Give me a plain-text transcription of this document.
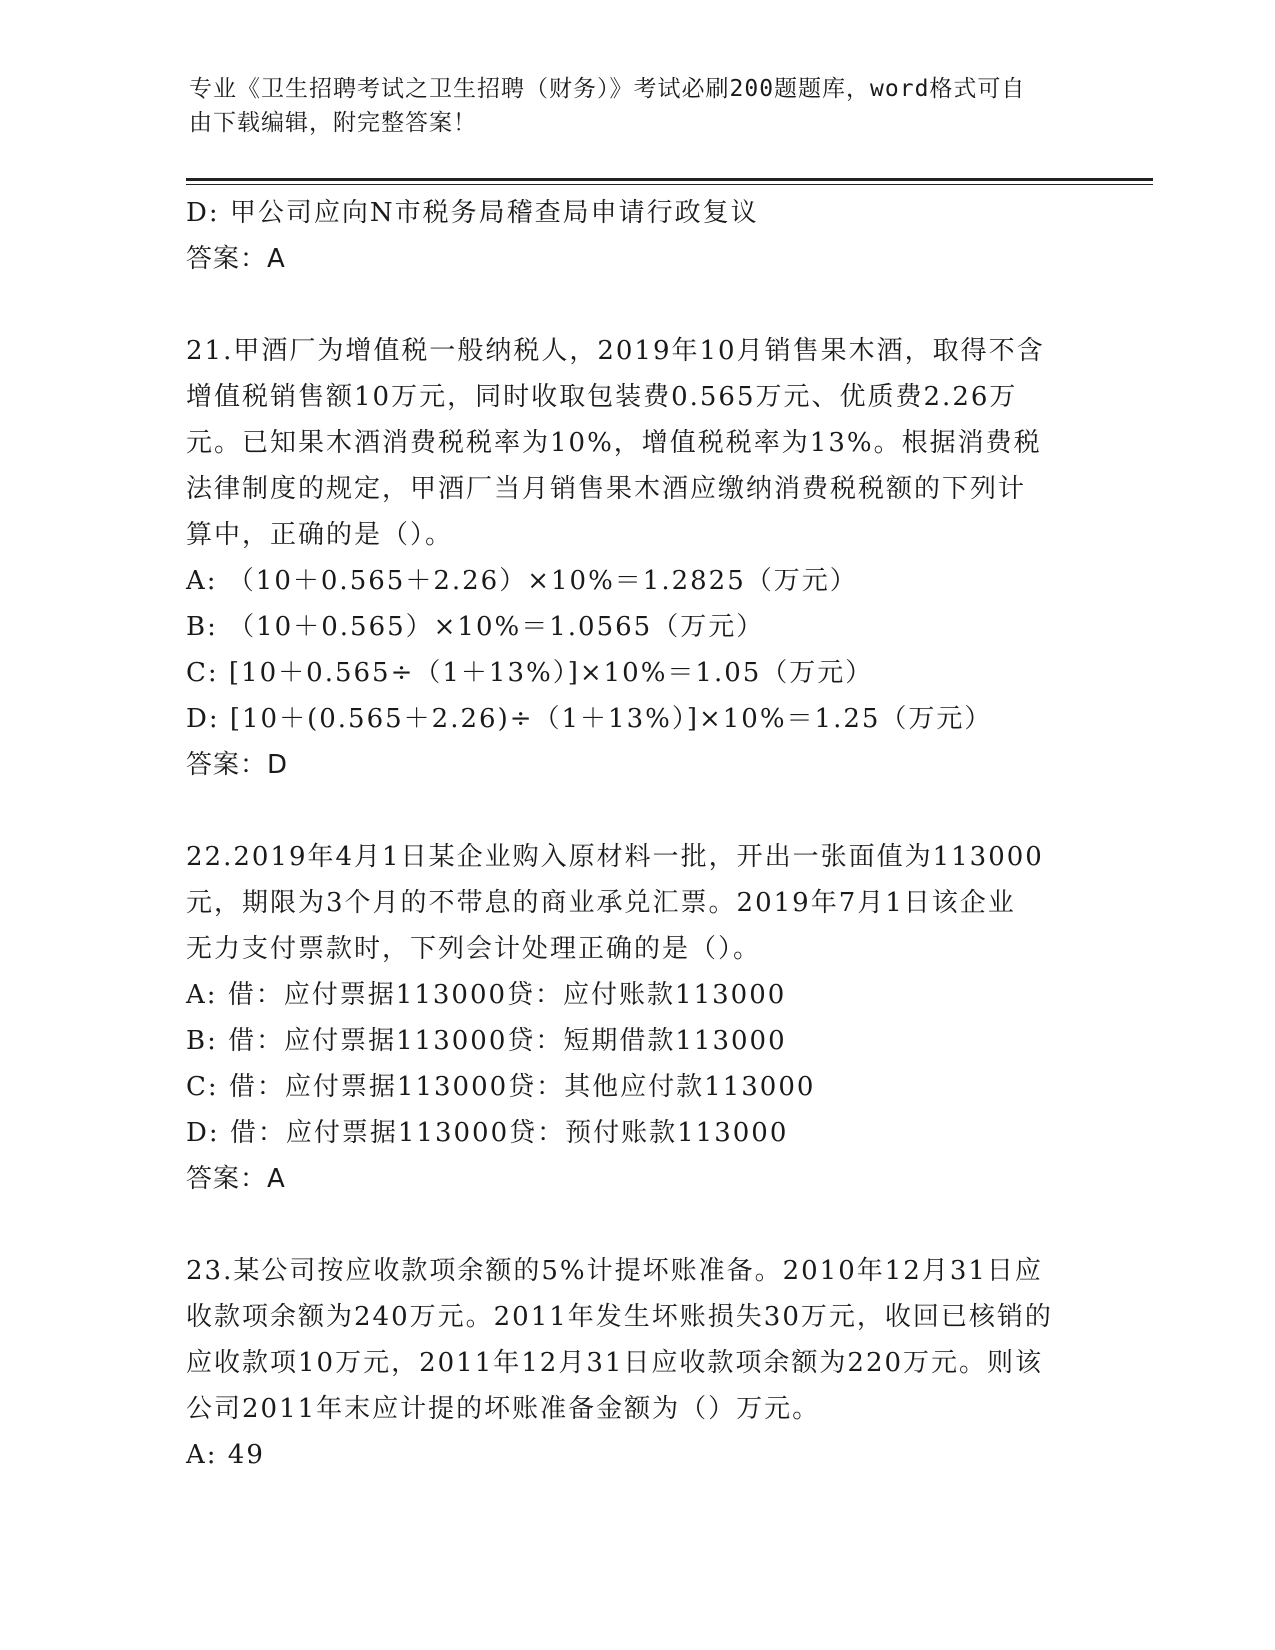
专业《卫生招聘考试之卫生招聘（财务）》考试必刷200题题库，word格式可自
由下载编辑，附完整答案！
D: 甲公司应向N市税务局稽查局申请行政复议
答案：A
21.甲酒厂为增值税一般纳税人，2019年10月销售果木酒，取得不含
增值税销售额10万元，同时收取包装费0.565万元、优质费2.26万
元。已知果木酒消费税税率为10%，增值税税率为13%。根据消费税
法律制度的规定，甲酒厂当月销售果木酒应缴纳消费税税额的下列计
算中，正确的是（）。
A: （10＋0.565＋2.26）×10%＝1.2825（万元）
B: （10＋0.565）×10%＝1.0565（万元）
C: [10＋0.565÷（1＋13%）]×10%＝1.05（万元）
D: [10＋(0.565＋2.26)÷（1＋13%）]×10%＝1.25（万元）
答案：D
22.2019年4月1日某企业购入原材料一批，开出一张面值为113000
元，期限为3个月的不带息的商业承兑汇票。2019年7月1日该企业
无力支付票款时，下列会计处理正确的是（）。
A: 借：应付票据113000贷：应付账款113000
B: 借：应付票据113000贷：短期借款113000
C: 借：应付票据113000贷：其他应付款113000
D: 借：应付票据113000贷：预付账款113000
答案：A
23.某公司按应收款项余额的5%计提坏账准备。2010年12月31日应
收款项余额为240万元。2011年发生坏账损失30万元，收回已核销的
应收款项10万元，2011年12月31日应收款项余额为220万元。则该
公司2011年末应计提的坏账准备金额为（）万元。
A: 49
